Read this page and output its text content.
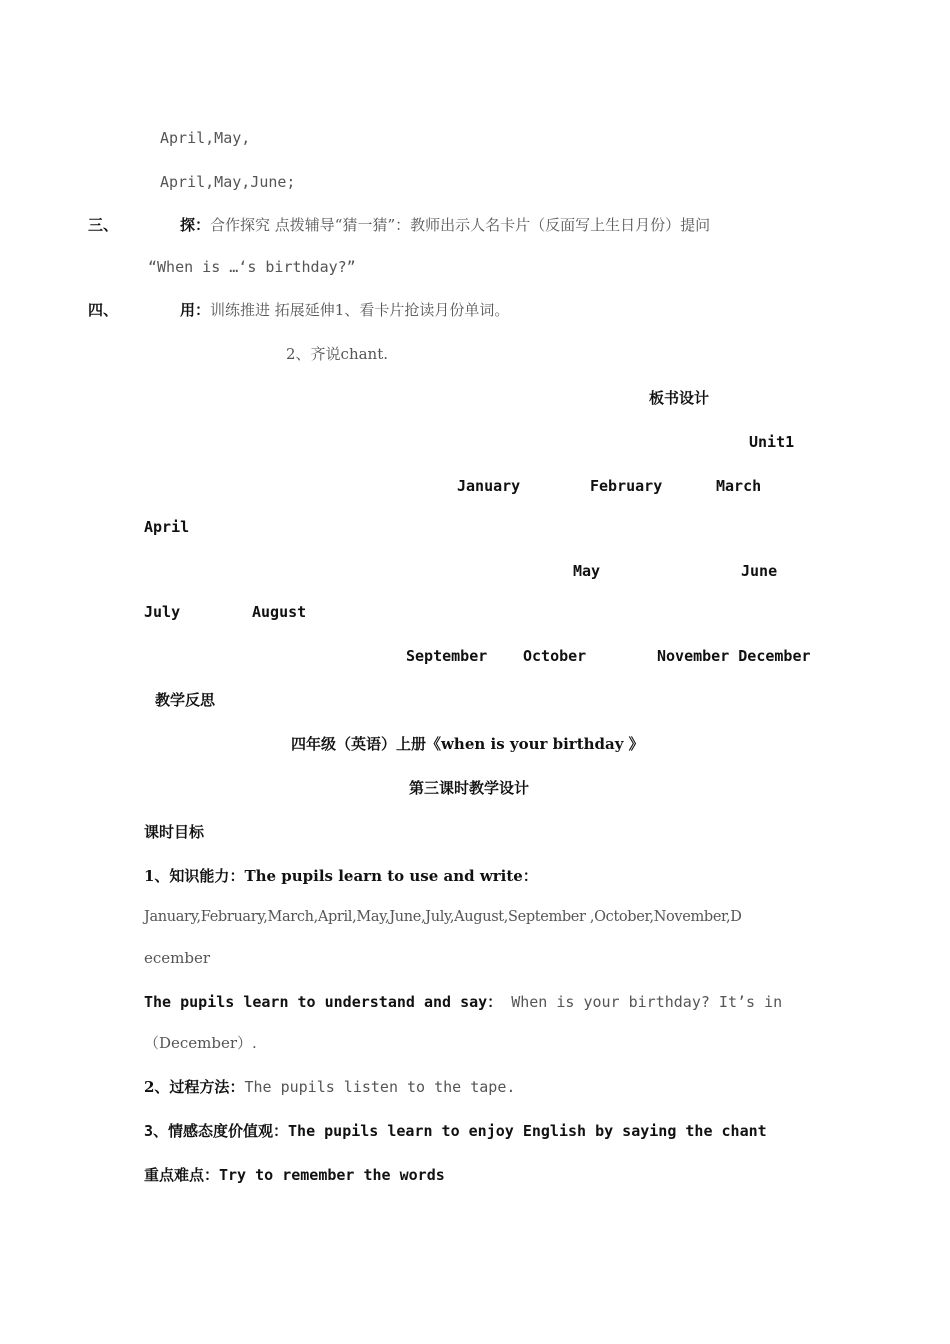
April,May,
April,May,June;
三、	探：合作探究 点拨辅导“猜一猜”：教师出示人名卡片（反面写上生日月份）提问
“When is …‘s birthday?”
四、	用：训练推进 拓展延伸1、看卡片抢读月份单词。
2、齐说chant.
板书设计
Unit1
January	February	March
April
May	June
July	August
September October	November December
教学反思
四年级（英语）上册《when is your birthday 》
第三课时教学设计
课时目标
1、知识能力：The pupils learn to use and write：
January,February,March,April,May,June,July,August,September ,October,November,D
ecember
The pupils learn to understand and say： When is your birthday? It’s in
（December）.
2、过程方法：The pupils listen to the tape.
3、情感态度价值观：The pupils learn to enjoy English by saying the chant
重点难点：Try to remember the words
